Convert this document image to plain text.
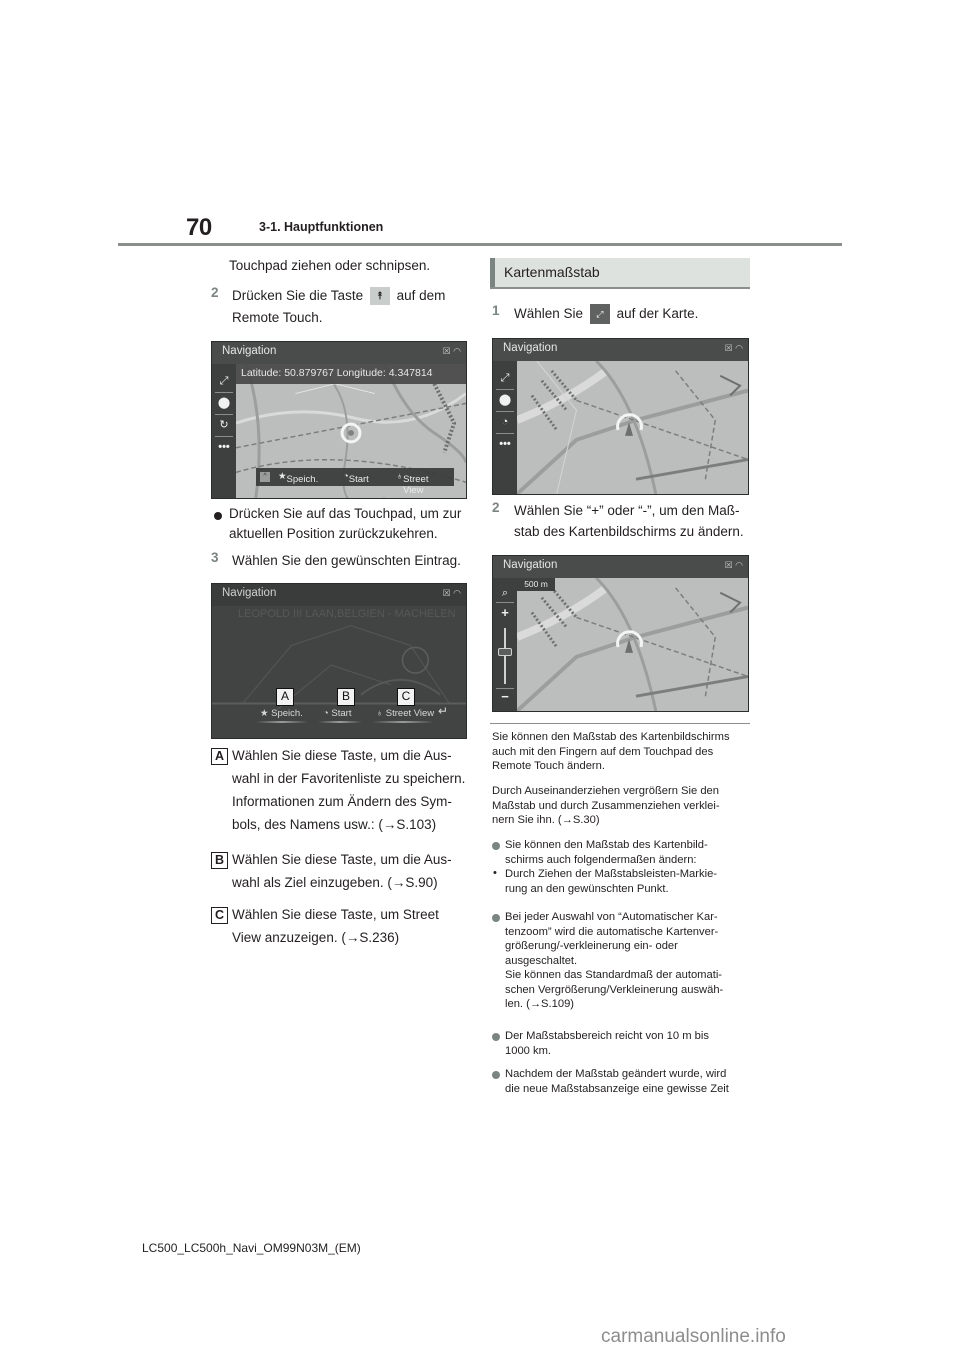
70	3-1. Hauptfunktionen
Touchpad ziehen oder schnipsen.
2 Drücken Sie die Taste ⯭ auf dem
Remote Touch.
Navigation	☒ ◠
⤢
⬤
↻
•••
Latitude: 50.879767 Longitude: 4.347814
^	★ Speich.	◔ Start	♁ Street View
Drücken Sie auf das Touchpad, um zur
aktuellen Position zurückzukehren.
3 Wählen Sie den gewünschten Eintrag.
Navigation	☒ ◠
LEOPOLD III LAAN,BELGIEN - MACHELEN
A	B	C
★ Speich. ◔ Start	♁ Street View ↵
A Wählen Sie diese Taste, um die Aus-
wahl in der Favoritenliste zu speichern.
Informationen zum Ändern des Sym-
bols, des Namens usw.: (→S.103)
B Wählen Sie diese Taste, um die Aus-
wahl als Ziel einzugeben. (→S.90)
C Wählen Sie diese Taste, um Street
View anzuzeigen. (→S.236)
Kartenmaßstab
1 Wählen Sie ⤢ auf der Karte.
Navigation	☒ ◠
⤢
⬤
◔
•••
2 Wählen Sie “+” oder “-”, um den Maß-
stab des Kartenbildschirms zu ändern.
Navigation	☒ ◠
500 m
⌕
+
−
Sie können den Maßstab des Kartenbildschirms
auch mit den Fingern auf dem Touchpad des
Remote Touch ändern.
Durch Auseinanderziehen vergrößern Sie den
Maßstab und durch Zusammenziehen verklei-
nern Sie ihn. (→S.30)
Sie können den Maßstab des Kartenbild-
schirms auch folgendermaßen ändern:
• Durch Ziehen der Maßstabsleisten-Markie-
rung an den gewünschten Punkt.
Bei jeder Auswahl von “Automatischer Kar-
tenzoom” wird die automatische Kartenver-
größerung/-verkleinerung ein- oder
ausgeschaltet.
Sie können das Standardmaß der automati-
schen Vergrößerung/Verkleinerung auswäh-
len. (→S.109)
Der Maßstabsbereich reicht von 10 m bis
1000 km.
Nachdem der Maßstab geändert wurde, wird
die neue Maßstabsanzeige eine gewisse Zeit
LC500_LC500h_Navi_OM99N03M_(EM)
carmanualsonline.info
